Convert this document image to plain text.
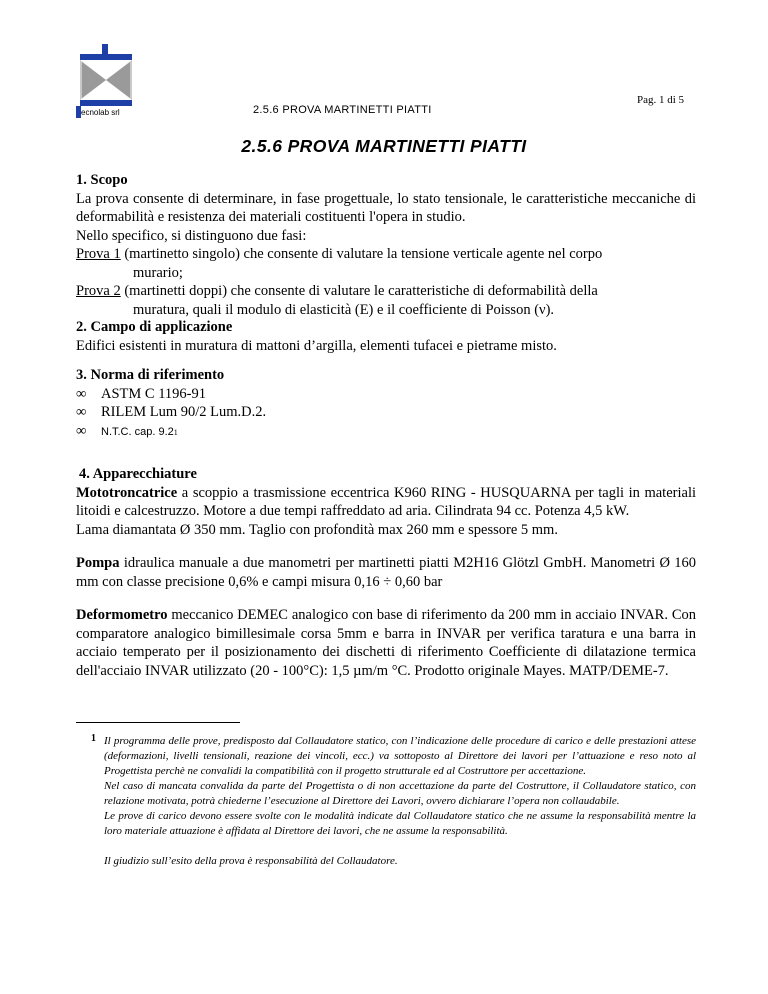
ecnolab srl	2.5.6 PROVA MARTINETTI PIATTI
Pag. 1 di 5
2.5.6 PROVA MARTINETTI PIATTI
1. Scopo
La prova consente di determinare, in fase progettuale, lo stato tensionale, le caratteristiche meccaniche di deformabilità e resistenza dei materiali costituenti l'opera in studio.
Nello specifico, si distinguono due fasi:
Prova 1 (martinetto singolo) che consente di valutare la tensione verticale agente nel corpo
murario;
Prova 2 (martinetti doppi) che consente di valutare le caratteristiche di deformabilità della
muratura, quali il modulo di elasticità (E) e il coefficiente di Poisson (ν).
2. Campo di applicazione
Edifici esistenti in muratura di mattoni d’argilla, elementi tufacei e pietrame misto.
3. Norma di riferimento
∞	ASTM C 1196-91
∞	RILEM Lum 90/2 Lum.D.2.
∞	N.T.C. cap. 9.2 1
4. Apparecchiature
Mototroncatrice a scoppio a trasmissione eccentrica K960 RING - HUSQUARNA per tagli in materiali litoidi e calcestruzzo. Motore a due tempi raffreddato ad aria. Cilindrata 94 cc. Potenza 4,5 kW.
Lama diamantata Ø 350 mm. Taglio con profondità max 260 mm e spessore 5 mm.
Pompa idraulica manuale a due manometri per martinetti piatti M2H16 Glötzl GmbH. Manometri Ø 160 mm con classe precisione 0,6% e campi misura 0,16 ÷ 0,60 bar
Deformometro meccanico DEMEC analogico con base di riferimento da 200 mm in acciaio INVAR. Con comparatore analogico bimillesimale corsa 5mm e barra in INVAR per verifica taratura e una barra in acciaio temperato per il posizionamento dei dischetti di riferimento Coefficiente di dilatazione termica dell'acciaio INVAR utilizzato (20 - 100°C): 1,5 µm/m °C. Prodotto originale Mayes. MATP/DEME-7.
1 Il programma delle prove, predisposto dal Collaudatore statico, con l’indicazione delle procedure di carico e delle prestazioni attese (deformazioni, livelli tensionali, reazione dei vincoli, ecc.) va sottoposto al Direttore dei lavori per l’attuazione e reso noto al Progettista perchè ne convalidi la compatibilità con il progetto strutturale ed al Costruttore per accettazione.
Nel caso di mancata convalida da parte del Progettista o di non accettazione da parte del Costruttore, il Collaudatore statico, con relazione motivata, potrà chiederne l’esecuzione al Direttore dei Lavori, ovvero dichiarare l’opera non collaudabile.
Le prove di carico devono essere svolte con le modalità indicate dal Collaudatore statico che ne assume la responsabilità mentre la loro materiale attuazione è affidata al Direttore dei lavori, che ne assume la responsabilità.
Il giudizio sull’esito della prova è responsabilità del Collaudatore.
